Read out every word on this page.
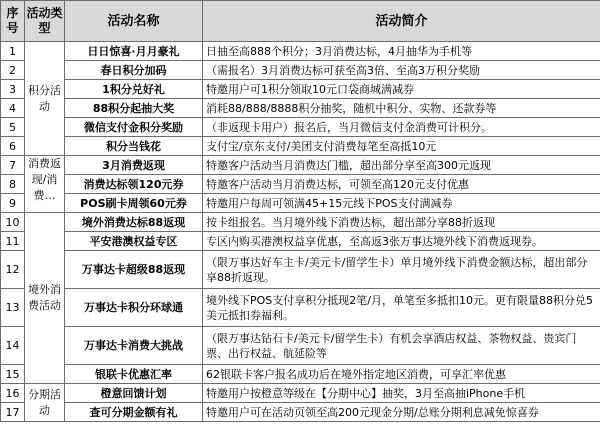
序号	活动类型	活动名称	活动简介
1	积分活动	日日惊喜·月月豪礼	日抽至高888个积分；3月消费达标，4月抽华为手机等
2		春日积分加码	（需报名）3月消费达标可获至高3倍、至高3万积分奖励
3		1积分兑好礼	特邀用户可1积分领取10元口袋商城满减券
4		88积分起抽大奖	消耗88/888/8888积分抽奖，随机中积分、实物、还款券等
5		微信支付金积分奖励	（非返现卡用户）报名后，当月微信支付金消费可计积分。
6		积分当钱花	支付宝/京东支付/美团支付消费每笔至高抵10元
7	消费返现/消费…	3月消费返现	特邀客户活动当月消费达门槛，超出部分享至高300元返现
8		消费达标领120元券	特邀客户活动当月消费达标，可领至高120元支付优惠
9		POS刷卡周领60元券	特邀用户每周可领满45+15元线下POS支付满减券
10	境外消费活动	境外消费达标88返现	按卡组报名。当月境外线下消费达标，超出部分享88折返现
11		平安港澳权益专区	专区内购买港澳权益享优惠，至高返3张万事达境外线下消费返现券。
12		万事达卡超级88返现	（限万事达好车主卡/美元卡/留学生卡）单月境外线下消费金额达标，超出部分享88折返现。
13		万事达卡积分环球通	境外线下POS支付享积分抵现2笔/月，单笔至多抵扣10元。更有限量88积分兑5美元抵扣券福利。
14		万事达卡消费大挑战	（限万事达钻石卡/美元卡/留学生卡）有机会享酒店权益、茶物权益、贵宾门票、出行权益、航延险等
15		银联卡优惠汇率	62银联卡客户报名成功后在境外指定地区消费，可享汇率优惠
16	分期活动	橙意回馈计划	特邀用户按橙意等级在【分期中心】抽奖，3月至高抽iPhone手机
17		查可分期金额有礼	特邀用户可在活动页领至高200元现金分期/总账分期利息减免惊喜券
